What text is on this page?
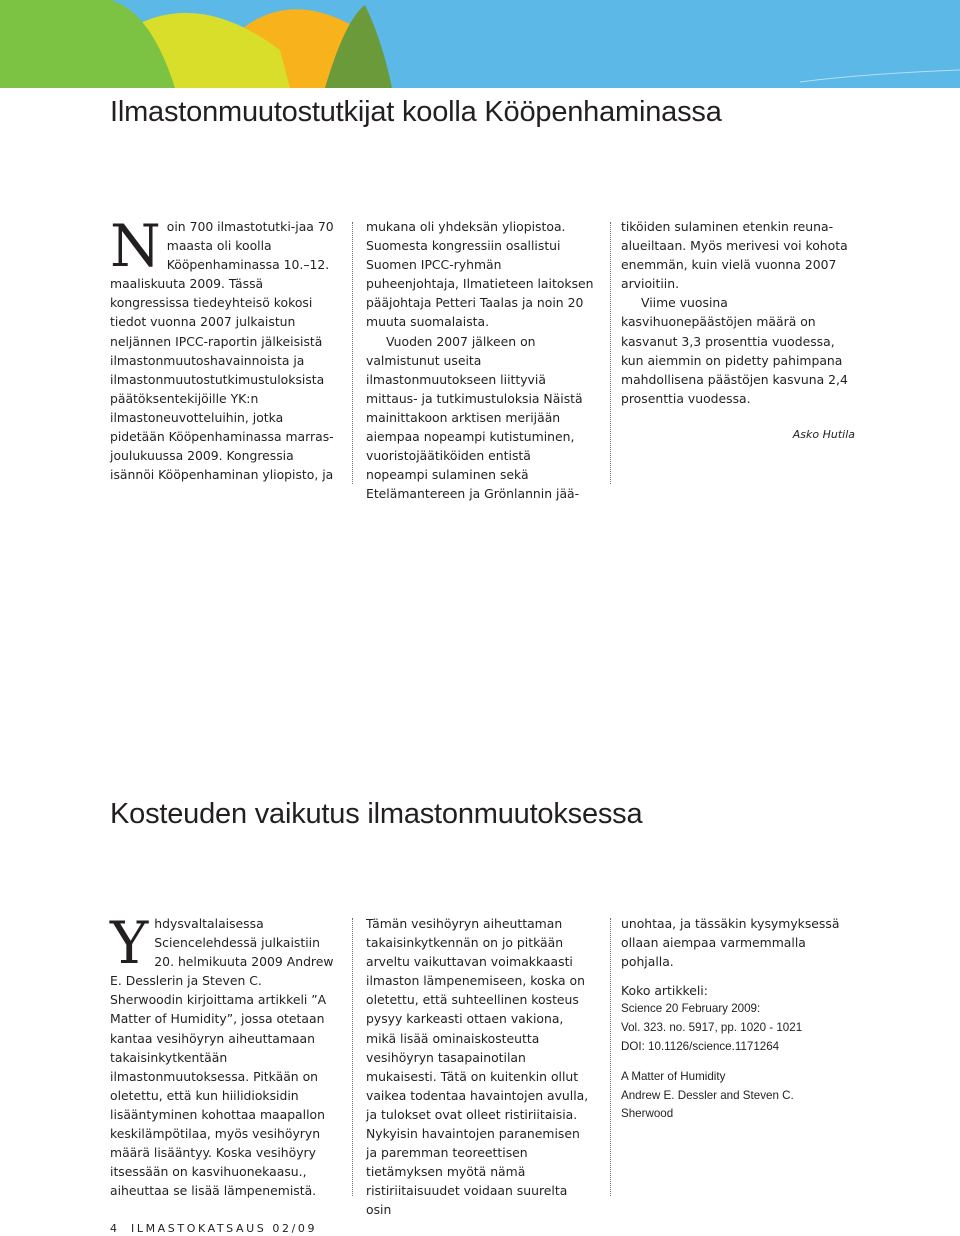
Ilmastonmuutostutkijat koolla Kööpenhaminassa

Noin 700 ilmastotutki-jaa 70 maasta oli koolla Kööpenhaminassa 10.–12. maaliskuuta 2009. Tässä kongressissa tiedeyhteisö kokosi tiedot vuonna 2007 julkaistun neljännen IPCC-raportin jälkeisistä ilmastonmuutoshavainnoista ja ilmastonmuutostutkimustuloksista päätöksentekijöille YK:n ilmastoneuvotteluihin, jotka pidetään Kööpenhaminassa marras-joulukuussa 2009. Kongressia isännöi Kööpenhaminan yliopisto, ja

mukana oli yhdeksän yliopistoa. Suomesta kongressiin osallistui Suomen IPCC-ryhmän puheenjohtaja, Ilmatieteen laitoksen pääjohtaja Petteri Taalas ja noin 20 muuta suomalaista.

Vuoden 2007 jälkeen on valmistunut useita ilmastonmuutokseen liittyviä mittaus- ja tutkimustuloksia Näistä mainittakoon arktisen merijään aiempaa nopeampi kutistuminen, vuoristojäätiköiden entistä nopeampi sulaminen sekä Etelämantereen ja Grönlannin jää-

tiköiden sulaminen etenkin reuna-alueiltaan. Myös merivesi voi kohota enemmän, kuin vielä vuonna 2007 arvioitiin.

Viime vuosina kasvihuonepäästöjen määrä on kasvanut 3,3 prosenttia vuodessa, kun aiemmin on pidetty pahimpana mahdollisena päästöjen kasvuna 2,4 prosenttia vuodessa.

Asko Hutila

Kosteuden vaikutus ilmastonmuutoksessa

Yhdysvaltalaisessa Sciencelehdessä julkaistiin 20. helmikuuta 2009 Andrew E. Desslerin ja Steven C. Sherwoodin kirjoittama artikkeli ”A Matter of Humidity”, jossa otetaan kantaa vesihöyryn aiheuttamaan takaisinkytkentään ilmastonmuutoksessa. Pitkään on oletettu, että kun hiilidioksidin lisääntyminen kohottaa maapallon keskilämpötilaa, myös vesihöyryn määrä lisääntyy. Koska vesihöyry itsessään on kasvihuonekaasu., aiheuttaa se lisää lämpenemistä.

Tämän vesihöyryn aiheuttaman takaisinkytkennän on jo pitkään arveltu vaikuttavan voimakkaasti ilmaston lämpenemiseen, koska on oletettu, että suhteellinen kosteus pysyy karkeasti ottaen vakiona, mikä lisää ominaiskosteutta vesihöyryn tasapainotilan mukaisesti. Tätä on kuitenkin ollut vaikea todentaa havaintojen avulla, ja tulokset ovat olleet ristiriitaisia. Nykyisin havaintojen paranemisen ja paremman teoreettisen tietämyksen myötä nämä ristiriitaisuudet voidaan suurelta osin

unohtaa, ja tässäkin kysymyksessä ollaan aiempaa varmemmalla pohjalla.

Koko artikkeli:

Science 20 February 2009:

Vol. 323. no. 5917, pp. 1020 - 1021

DOI: 10.1126/science.1171264

A Matter of Humidity

Andrew E. Dessler and Steven C. Sherwood

4 ILMASTOKATSAUS 02/09
